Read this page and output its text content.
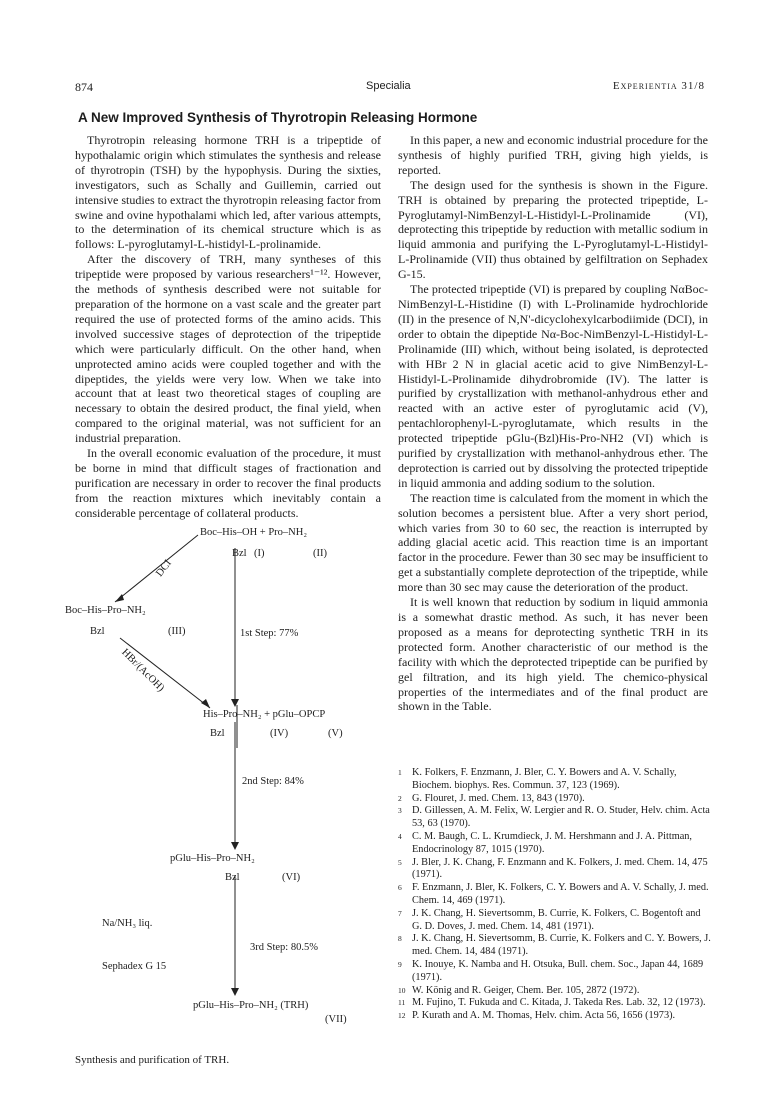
874	Specialia	Experientia 31/8
A New Improved Synthesis of Thyrotropin Releasing Hormone

Thyrotropin releasing hormone TRH is a tripeptide of hypothalamic origin which stimulates the synthesis and release of thyrotropin (TSH) by the hypophysis. During the sixties, investigators, such as Schally and Guillemin, carried out intensive studies to extract the thyrotropin releasing factor from swine and ovine hypothalami which led, after various attempts, to the determination of its chemical structure which is as follows: L-pyroglutamyl-L-histidyl-L-prolinamide.

After the discovery of TRH, many syntheses of this tripeptide were proposed by various researchers¹⁻¹². However, the methods of synthesis described were not suitable for preparation of the hormone on a vast scale and the greater part required the use of protected forms of the amino acids. This involved successive stages of deprotection of the tripeptide which were particularly difficult. On the other hand, when unprotected amino acids were coupled together and with the dipeptides, the yields were very low. When we take into account that at least two theoretical stages of coupling are necessary to obtain the desired product, the final yield, when compared to the original material, was not sufficient for an industrial preparation.

In the overall economic evaluation of the procedure, it must be borne in mind that difficult stages of fractionation and purification are necessary in order to recover the final products from the reaction mixtures which inevitably contain a considerable percentage of collateral products.

In this paper, a new and economic industrial procedure for the synthesis of highly purified TRH, giving high yields, is reported.

The design used for the synthesis is shown in the Figure. TRH is obtained by preparing the protected tripeptide, L-Pyroglutamyl-NimBenzyl-L-Histidyl-L-Prolinamide (VI), deprotecting this tripeptide by reduction with metallic sodium in liquid ammonia and purifying the L-Pyroglutamyl-L-Histidyl-L-Prolinamide (VII) thus obtained by gelfiltration on Sephadex G-15.

The protected tripeptide (VI) is prepared by coupling NαBoc-NimBenzyl-L-Histidine (I) with L-Prolinamide hydrochloride (II) in the presence of N,N'-dicyclohexylcarbodiimide (DCI), in order to obtain the dipeptide Nα-Boc-NimBenzyl-L-Histidyl-L-Prolinamide (III) which, without being isolated, is deprotected with HBr 2 N in glacial acetic acid to give NimBenzyl-L-Histidyl-L-Prolinamide dihydrobromide (IV). The latter is purified by crystallization with methanol-anhydrous ether and reacted with an active ester of pyroglutamic acid (V), pentachlorophenyl-L-pyroglutamate, which results in the protected tripeptide pGlu-(Bzl)His-Pro-NH2 (VI) which is purified by crystallization with methanol-anhydrous ether. The deprotection is carried out by dissolving the protected tripeptide in liquid ammonia and adding sodium to the solution.

The reaction time is calculated from the moment in which the solution becomes a persistent blue. After a very short period, which varies from 30 to 60 sec, the reaction is interrupted by adding glacial acetic acid. This reaction time is an important factor in the procedure. Fewer than 30 sec may be insufficient to get a substantially complete deprotection of the tripeptide, while more than 30 sec may cause the deterioration of the product.

It is well known that reduction by sodium in liquid ammonia is a somewhat drastic method. As such, it has never been proposed as a means for deprotecting synthetic TRH in its protected form. Another characteristic of our method is the facility with which the deprotected tripeptide can be purified by gel filtration, and its high yield. The chemico-physical properties of the intermediates and of the final product are shown in the Table.

Boc–His–OH + Pro–NH₂
Bzl (I)	(II)
DCI
Boc–His–Pro–NH₂
Bzl	(III)	1st Step: 77%
HBr/(AcOH)
His–Pro–NH₂ + pGlu–OPCP
Bzl	(IV)	(V)
2nd Step: 84%
pGlu–His–Pro–NH₂
Bzl	(VI)
Na/NH₃ liq.
3rd Step: 80.5%
Sephadex G 15
pGlu–His–Pro–NH₂ (TRH)
(VII)
Synthesis and purification of TRH.
1 K. Folkers, F. Enzmann, J. Bler, C. Y. Bowers and A. V. Schally, Biochem. biophys. Res. Commun. 37, 123 (1969).
2 G. Flouret, J. med. Chem. 13, 843 (1970).
3 D. Gillessen, A. M. Felix, W. Lergier and R. O. Studer, Helv. chim. Acta 53, 63 (1970).
4 C. M. Baugh, C. L. Krumdieck, J. M. Hershmann and J. A. Pittman, Endocrinology 87, 1015 (1970).
5 J. Bler, J. K. Chang, F. Enzmann and K. Folkers, J. med. Chem. 14, 475 (1971).
6 F. Enzmann, J. Bler, K. Folkers, C. Y. Bowers and A. V. Schally, J. med. Chem. 14, 469 (1971).
7 J. K. Chang, H. Sievertsomm, B. Currie, K. Folkers, C. Bogentoft and G. D. Doves, J. med. Chem. 14, 481 (1971).
8 J. K. Chang, H. Sievertsomm, B. Currie, K. Folkers and C. Y. Bowers, J. med. Chem. 14, 484 (1971).
9 K. Inouye, K. Namba and H. Otsuka, Bull. chem. Soc., Japan 44, 1689 (1971).
10 W. König and R. Geiger, Chem. Ber. 105, 2872 (1972).
11 M. Fujino, T. Fukuda and C. Kitada, J. Takeda Res. Lab. 32, 12 (1973).
12 P. Kurath and A. M. Thomas, Helv. chim. Acta 56, 1656 (1973).
